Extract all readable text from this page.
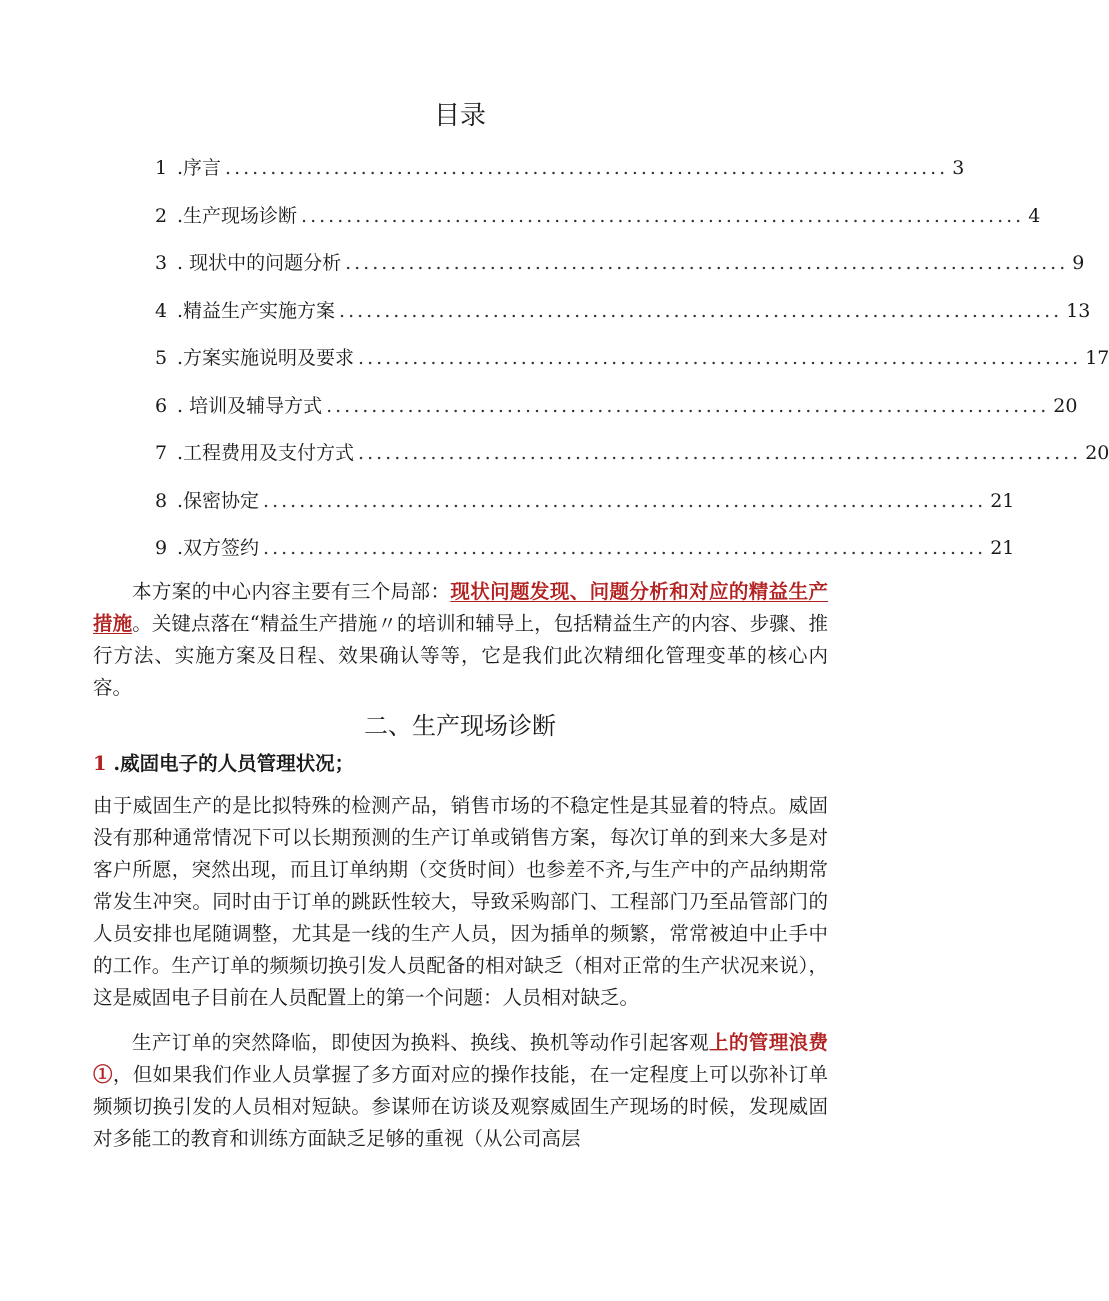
目录
1 .序言 ................................................................................ 3
2 .生产现场诊断 ................................................................................ 4
3 . 现状中的问题分析 ................................................................................ 9
4 .精益生产实施方案 ................................................................................ 13
5 .方案实施说明及要求 ................................................................................ 17
6 . 培训及辅导方式 ................................................................................ 20
7 .工程费用及支付方式 ................................................................................ 20
8 .保密协定 ................................................................................ 21
9 .双方签约 ................................................................................ 21

本方案的中心内容主要有三个局部：现状问题发现、问题分析和对应的精益生产措施。关键点落在“精益生产措施〃的培训和辅导上，包括精益生产的内容、步骤、推行方法、实施方案及日程、效果确认等等，它是我们此次精细化管理变革的核心内容。

二、生产现场诊断
1 .威固电子的人员管理状况；

由于威固生产的是比拟特殊的检测产品，销售市场的不稳定性是其显着的特点。威固没有那种通常情况下可以长期预测的生产订单或销售方案，每次订单的到来大多是对客户所愿，突然出现，而且订单纳期（交货时间）也参差不齐,与生产中的产品纳期常常发生冲突。同时由于订单的跳跃性较大，导致采购部门、工程部门乃至品管部门的人员安排也尾随调整，尤其是一线的生产人员，因为插单的频繁，常常被迫中止手中的工作。生产订单的频频切换引发人员配备的相对缺乏（相对正常的生产状况来说），这是威固电子目前在人员配置上的第一个问题：人员相对缺乏。

生产订单的突然降临，即使因为换料、换线、换机等动作引起客观上的管理浪费①，但如果我们作业人员掌握了多方面对应的操作技能，在一定程度上可以弥补订单频频切换引发的人员相对短缺。参谋师在访谈及观察威固生产现场的时候，发现威固对多能工的教育和训练方面缺乏足够的重视（从公司高层
